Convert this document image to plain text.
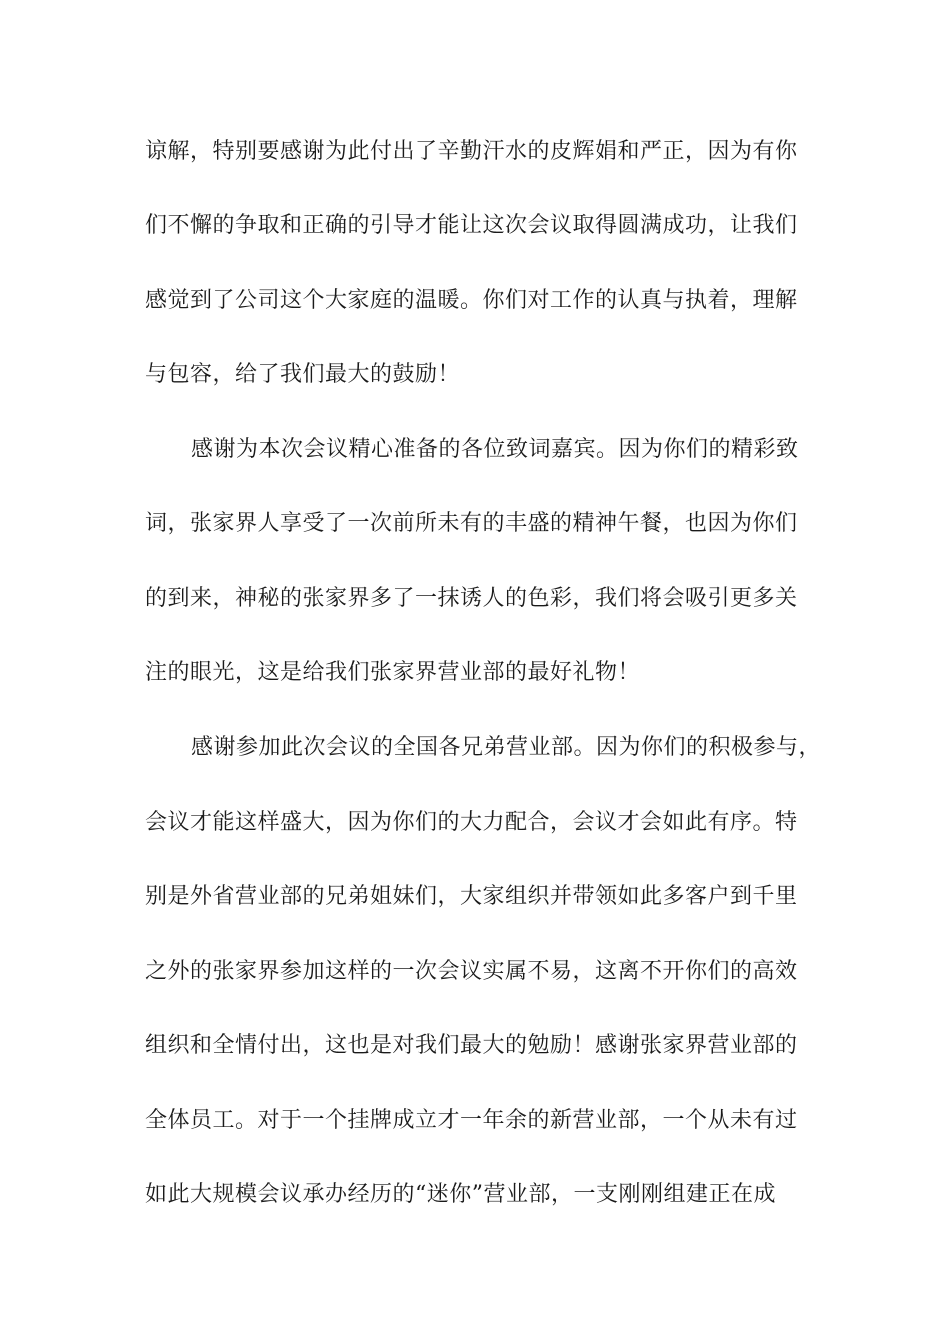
谅解，特别要感谢为此付出了辛勤汗水的皮辉娟和严正，因为有你
们不懈的争取和正确的引导才能让这次会议取得圆满成功，让我们
感觉到了公司这个大家庭的温暖。你们对工作的认真与执着，理解
与包容，给了我们最大的鼓励！
感谢为本次会议精心准备的各位致词嘉宾。因为你们的精彩致
词，张家界人享受了一次前所未有的丰盛的精神午餐，也因为你们
的到来，神秘的张家界多了一抹诱人的色彩，我们将会吸引更多关
注的眼光，这是给我们张家界营业部的最好礼物！
感谢参加此次会议的全国各兄弟营业部。因为你们的积极参与，
会议才能这样盛大，因为你们的大力配合，会议才会如此有序。特
别是外省营业部的兄弟姐妹们，大家组织并带领如此多客户到千里
之外的张家界参加这样的一次会议实属不易，这离不开你们的高效
组织和全情付出，这也是对我们最大的勉励！感谢张家界营业部的
全体员工。对于一个挂牌成立才一年余的新营业部，一个从未有过
如此大规模会议承办经历的“迷你”营业部，一支刚刚组建正在成
